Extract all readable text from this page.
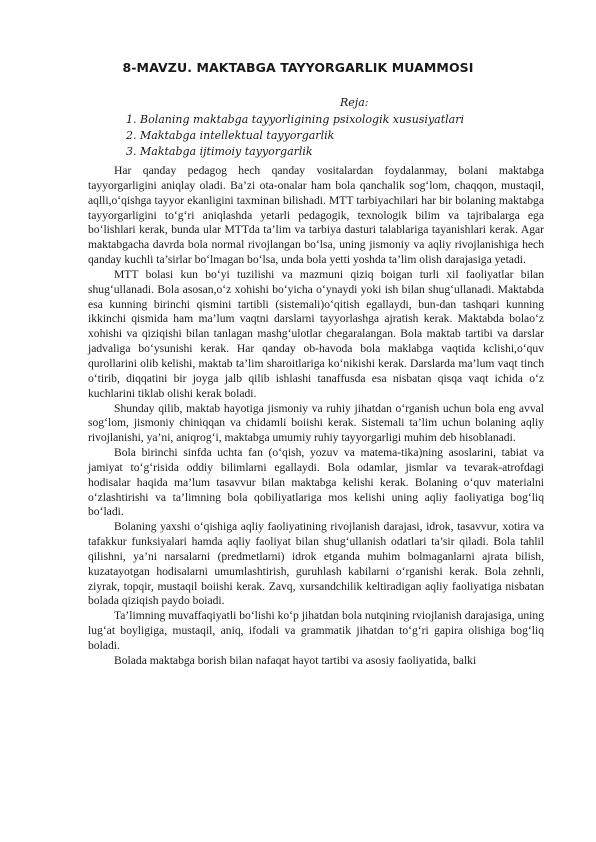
8-MAVZU. MAKTABGA TAYYORGARLIK MUAMMOSI
Reja:
1. Bolaning maktabga tayyorligining psixologik xususiyatlari
2. Maktabga intellektual tayyorgarlik
3. Maktabga ijtimoiy tayyorgarlik

Har qanday pedagog hech qanday vositalardan foydalanmay, bolani maktabga tayyorgarligini aniqlay oladi. Ba’zi ota-onalar ham bola qanchalik sog‘lom, chaqqon, mustaqil, aqlli,o‘qishga tayyor ekanligini taxminan bilishadi. MTT tarbiyachilari har bir bolaning maktabga tayyorgarligini to‘g‘ri aniqlashda yetarli pedagogik, texnologik bilim va tajribalarga ega bo‘lishlari kerak, bunda ular MTTda ta’lim va tarbiya dasturi talablariga tayanishlari kerak. Agar maktabgacha davrda bola normal rivojlangan bo‘lsa, uning jismoniy va aqliy rivojlanishiga hech qanday kuchli ta’sirlar bo‘lmagan bo‘lsa, unda bola yetti yoshda ta’lim olish darajasiga yetadi.

MTT bolasi kun bo‘yi tuzilishi va mazmuni qiziq boigan turli xil faoliyatlar bilan shug‘ullanadi. Bola asosan,o‘z xohishi bo‘yicha o‘ynaydi yoki ish bilan shug‘ullanadi. Maktabda esa kunning birinchi qismini tartibli (sistemali)o‘qitish egallaydi, bun-dan tashqari kunning ikkinchi qismida ham ma’lum vaqtni darslarni tayyorlashga ajratish kerak. Maktabda bolao‘z xohishi va qiziqishi bilan tanlagan mashg‘ulotlar chegaralangan. Bola maktab tartibi va darslar jadvaliga bo‘ysunishi kerak. Har qanday ob-havoda bola maklabga vaqtida kclishi,o‘quv qurollarini olib kelishi, maktab ta’lim sharoitlariga ko‘nikishi kerak. Darslarda ma’lum vaqt tinch o‘tirib, diqqatini bir joyga jalb qilib ishlashi tanaffusda esa nisbatan qisqa vaqt ichida o‘z kuchlarini tiklab olishi kerak boladi.

Shunday qilib, maktab hayotiga jismoniy va ruhiy jihatdan o‘rganish uchun bola eng avval sog‘lom, jismoniy chiniqqan va chidamli boiishi kerak. Sistemali ta’lim uchun bolaning aqliy rivojlanishi, ya’ni, aniqrog‘i, maktabga umumiy ruhiy tayyorgarligi muhim deb hisoblanadi.

Bola birinchi sinfda uchta fan (o‘qish, yozuv va matema-tika)ning asoslarini, tabiat va jamiyat to‘g‘risida oddiy bilimlarni egallaydi. Bola odamlar, jismlar va tevarak-atrofdagi hodisalar haqida ma’lum tasavvur bilan maktabga kelishi kerak. Bolaning o‘quv materialni o‘zlashtirishi va ta’limning bola qobiliyatlariga mos kelishi uning aqliy faoliyatiga bog‘liq bo‘ladi.

Bolaning yaxshi o‘qishiga aqliy faoliyatining rivojlanish darajasi, idrok, tasavvur, xotira va tafakkur funksiyalari hamda aqliy faoliyat bilan shug‘ullanish odatlari ta’sir qiladi. Bola tahlil qilishni, ya’ni narsalarni (predmetlarni) idrok etganda muhim bolmaganlarni ajrata bilish, kuzatayotgan hodisalarni umumlashtirish, guruhlash kabilarni o‘rganishi kerak. Bola zehnli, ziyrak, topqir, mustaqil boiishi kerak. Zavq, xursandchilik keltiradigan aqliy faoliyatiga nisbatan bolada qiziqish paydo boiadi.

Ta’limning muvaffaqiyatli bo‘lishi ko‘p jihatdan bola nutqining rviojlanish darajasiga, uning lug‘at boyligiga, mustaqil, aniq, ifodali va grammatik jihatdan to‘g‘ri gapira olishiga bog‘liq boladi.

Bolada maktabga borish bilan nafaqat hayot tartibi va asosiy faoliyatida, balki
